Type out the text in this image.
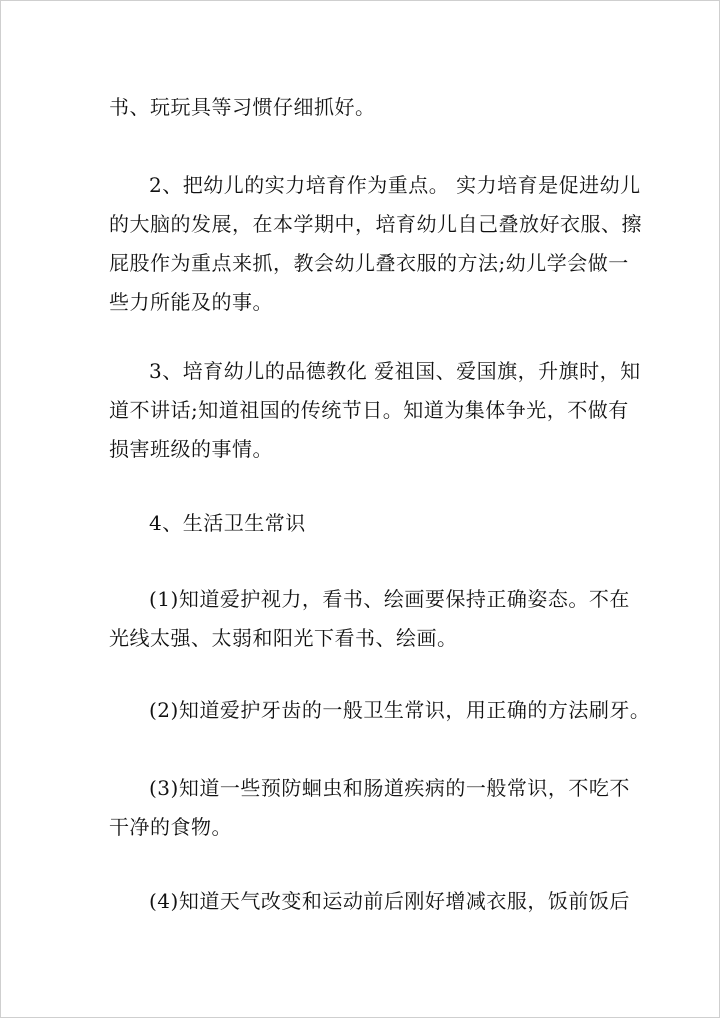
书、玩玩具等习惯仔细抓好。
2、把幼儿的实力培育作为重点。 实力培育是促进幼儿
的大脑的发展，在本学期中，培育幼儿自己叠放好衣服、擦
屁股作为重点来抓，教会幼儿叠衣服的方法;幼儿学会做一
些力所能及的事。
3、培育幼儿的品德教化 爱祖国、爱国旗，升旗时，知
道不讲话;知道祖国的传统节日。知道为集体争光，不做有
损害班级的事情。
4、生活卫生常识
(1)知道爱护视力，看书、绘画要保持正确姿态。不在
光线太强、太弱和阳光下看书、绘画。
(2)知道爱护牙齿的一般卫生常识，用正确的方法刷牙。
(3)知道一些预防蛔虫和肠道疾病的一般常识，不吃不
干净的食物。
(4)知道天气改变和运动前后刚好增减衣服，饭前饭后
